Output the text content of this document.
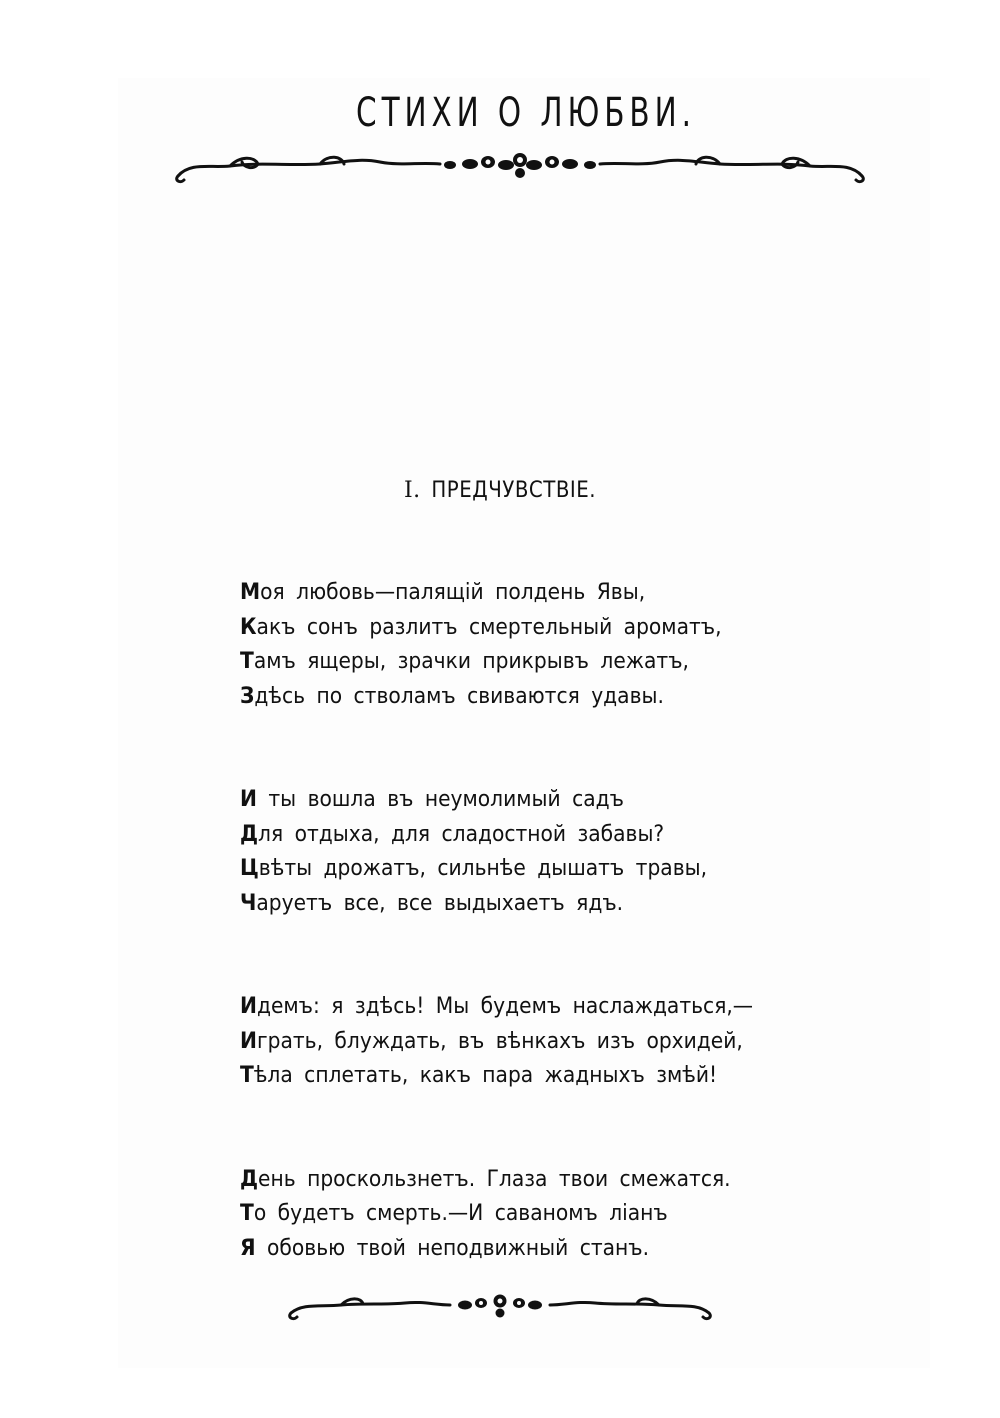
СТИХИ О ЛЮБВИ.
I. ПРЕДЧУВСТВІЕ.
Моя любовь—палящій полдень Явы,
Какъ сонъ разлитъ смертельный ароматъ,
Тамъ ящеры, зрачки прикрывъ лежатъ,
Здѣсь по стволамъ свиваются удавы.
И ты вошла въ неумолимый садъ
Для отдыха, для сладостной забавы?
Цвѣты дрожатъ, сильнѣе дышатъ травы,
Чаруетъ все, все выдыхаетъ ядъ.
Идемъ: я здѣсь! Мы будемъ наслаждаться,—
Играть, блуждать, въ вѣнкахъ изъ орхидей,
Тѣла сплетать, какъ пара жадныхъ змѣй!
День проскользнетъ. Глаза твои смежатся.
То будетъ смерть.—И саваномъ ліанъ
Я обовью твой неподвижный станъ.
